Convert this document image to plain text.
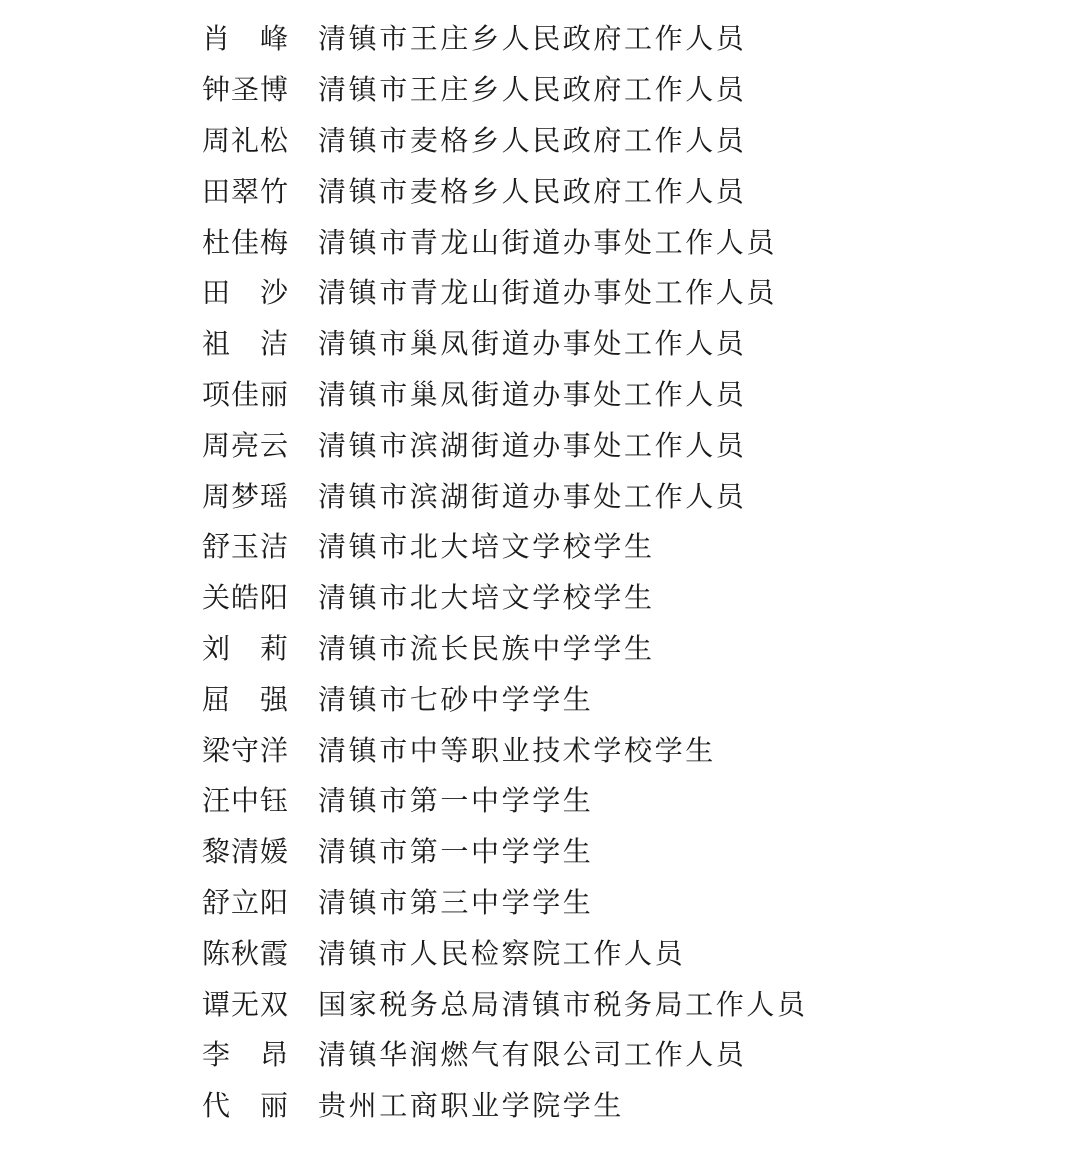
肖　峰	清镇市王庄乡人民政府工作人员
钟圣博	清镇市王庄乡人民政府工作人员
周礼松	清镇市麦格乡人民政府工作人员
田翠竹	清镇市麦格乡人民政府工作人员
杜佳梅	清镇市青龙山街道办事处工作人员
田　沙	清镇市青龙山街道办事处工作人员
祖　洁	清镇市巢凤街道办事处工作人员
项佳丽	清镇市巢凤街道办事处工作人员
周亮云	清镇市滨湖街道办事处工作人员
周梦瑶	清镇市滨湖街道办事处工作人员
舒玉洁	清镇市北大培文学校学生
关皓阳	清镇市北大培文学校学生
刘　莉	清镇市流长民族中学学生
屈　强	清镇市七砂中学学生
梁守洋	清镇市中等职业技术学校学生
汪中钰	清镇市第一中学学生
黎清媛	清镇市第一中学学生
舒立阳	清镇市第三中学学生
陈秋霞	清镇市人民检察院工作人员
谭无双	国家税务总局清镇市税务局工作人员
李　昂	清镇华润燃气有限公司工作人员
代　丽	贵州工商职业学院学生
